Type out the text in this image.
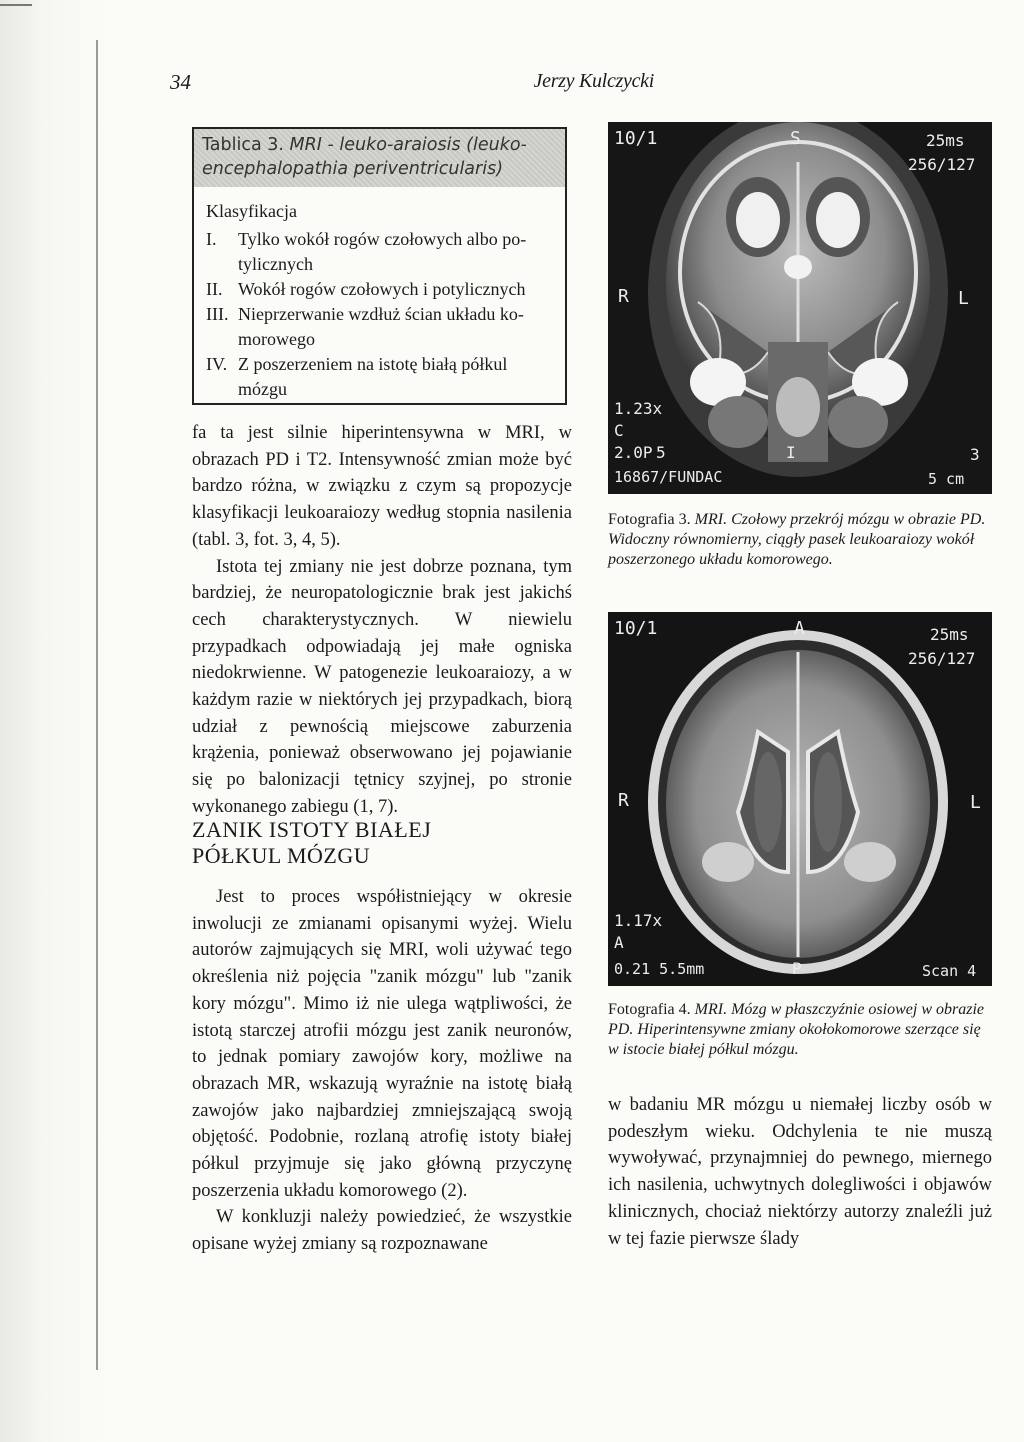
34	Jerzy Kulczycki
Tablica 3. MRI - leuko-araiosis (leuko-
encephalopathia periventricularis)
Klasyfikacja
I. Tylko wokół rogów czołowych albo po-
tylicznych
II. Wokół rogów czołowych i potylicznych
III. Nieprzerwanie wzdłuż ścian układu ko-
morowego
IV. Z poszerzeniem na istotę białą półkul
mózgu

fa ta jest silnie hiperintensywna w MRI, w obrazach PD i T2. Intensywność zmian może być bardzo różna, w związku z czym są propozycje klasyfikacji leukoaraiozy według stopnia nasilenia (tabl. 3, fot. 3, 4, 5).

Istota tej zmiany nie jest dobrze poznana, tym bardziej, że neuropatologicznie brak jest jakichś cech charakterystycznych. W niewielu przypadkach odpowiadają jej małe ogniska niedokrwienne. W patogenezie leukoaraiozy, a w każdym razie w niektórych jej przypadkach, biorą udział z pewnością miejscowe zaburzenia krążenia, ponieważ obserwowano jej pojawianie się po balonizacji tętnicy szyjnej, po stronie wykonanego zabiegu (1, 7).

ZANIK ISTOTY BIAŁEJ
PÓŁKUL MÓZGU

Jest to proces współistniejący w okresie inwolucji ze zmianami opisanymi wyżej. Wielu autorów zajmujących się MRI, woli używać tego określenia niż pojęcia "zanik mózgu" lub "zanik kory mózgu". Mimo iż nie ulega wątpliwości, że istotą starczej atrofii mózgu jest zanik neuronów, to jednak pomiary zawojów kory, możliwe na obrazach MR, wskazują wyraźnie na istotę białą zawojów jako najbardziej zmniejszającą swoją objętość. Podobnie, rozlaną atrofię istoty białej półkul przyjmuje się jako główną przyczynę poszerzenia układu komorowego (2).

W konkluzji należy powiedzieć, że wszystkie opisane wyżej zmiany są rozpoznawane

10/1	S	25ms
256/127
R	L
1.23x
C
2.0P 5	I	3
16867/FUNDAC	5 cm
Fotografia 3. MRI. Czołowy przekrój mózgu w obrazie PD. Widoczny równomierny, ciągły pasek leukoaraiozy wokół poszerzonego układu komorowego.
10/1	A	25ms
256/127
R	L
1.17x
A
0.21 5.5mm	P	Scan 4
Fotografia 4. MRI. Mózg w płaszczyźnie osiowej w obrazie PD. Hiperintensywne zmiany okołokomorowe szerzące się w istocie białej półkul mózgu.
w badaniu MR mózgu u niemałej liczby osób w podeszłym wieku. Odchylenia te nie muszą wywoływać, przynajmniej do pewnego, miernego ich nasilenia, uchwytnych dolegliwości i objawów klinicznych, chociaż niektórzy autorzy znaleźli już w tej fazie pierwsze ślady
